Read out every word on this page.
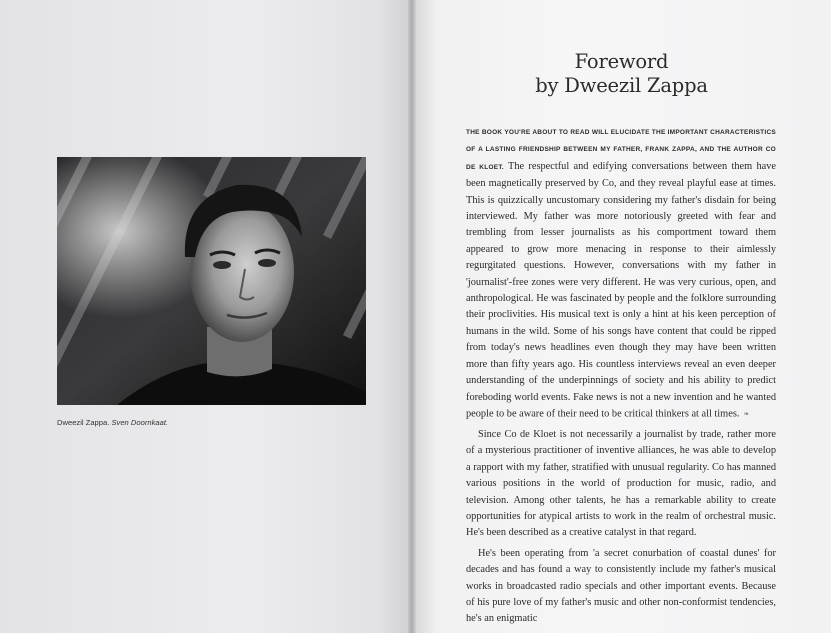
Dweezil Zappa. Sven Doornkaat.
Foreword
by Dweezil Zappa

THE BOOK YOU'RE ABOUT TO READ WILL ELUCIDATE THE IMPORTANT CHARACTERISTICS OF A LASTING FRIENDSHIP BETWEEN MY FATHER, FRANK ZAPPA, AND THE AUTHOR CO DE KLOET. The respectful and edifying conversations between them have been magnetically preserved by Co, and they reveal playful ease at times. This is quizzically uncustomary considering my father's disdain for being interviewed. My father was more notoriously greeted with fear and trembling from lesser journalists as his comportment toward them appeared to grow more menacing in response to their aimlessly regurgitated questions. However, conversations with my father in 'journalist'-free zones were very different. He was very curious, open, and anthropological. He was fascinated by people and the folklore surrounding their proclivities. His musical text is only a hint at his keen perception of humans in the wild. Some of his songs have content that could be ripped from today's news headlines even though they may have been written more than fifty years ago. His countless interviews reveal an even deeper understanding of the underpinnings of society and his ability to predict foreboding world events. Fake news is not a new invention and he wanted people to be aware of their need to be critical thinkers at all times. ❧

Since Co de Kloet is not necessarily a journalist by trade, rather more of a mysterious practitioner of inventive alliances, he was able to develop a rapport with my father, stratified with unusual regularity. Co has manned various positions in the world of production for music, radio, and television. Among other talents, he has a remarkable ability to create opportunities for atypical artists to work in the realm of orchestral music. He's been described as a creative catalyst in that regard.

He's been operating from 'a secret conurbation of coastal dunes' for decades and has found a way to consistently include my father's musical works in broadcasted radio specials and other important events. Because of his pure love of my father's music and other non-conformist tendencies, he's an enigmatic
